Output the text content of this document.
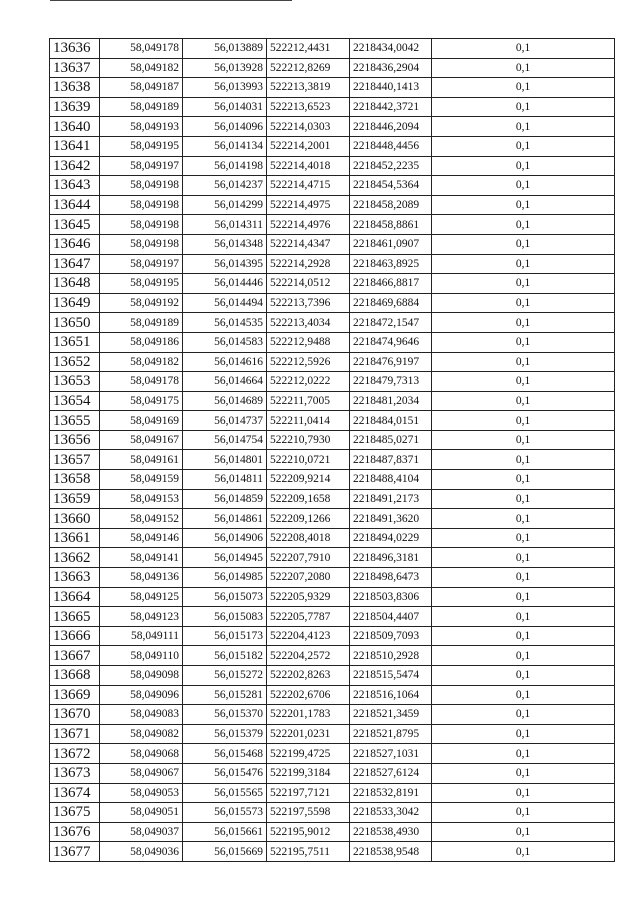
13636	58,049178	56,013889	522212,4431	2218434,0042	0,1
13637	58,049182	56,013928	522212,8269	2218436,2904	0,1
13638	58,049187	56,013993	522213,3819	2218440,1413	0,1
13639	58,049189	56,014031	522213,6523	2218442,3721	0,1
13640	58,049193	56,014096	522214,0303	2218446,2094	0,1
13641	58,049195	56,014134	522214,2001	2218448,4456	0,1
13642	58,049197	56,014198	522214,4018	2218452,2235	0,1
13643	58,049198	56,014237	522214,4715	2218454,5364	0,1
13644	58,049198	56,014299	522214,4975	2218458,2089	0,1
13645	58,049198	56,014311	522214,4976	2218458,8861	0,1
13646	58,049198	56,014348	522214,4347	2218461,0907	0,1
13647	58,049197	56,014395	522214,2928	2218463,8925	0,1
13648	58,049195	56,014446	522214,0512	2218466,8817	0,1
13649	58,049192	56,014494	522213,7396	2218469,6884	0,1
13650	58,049189	56,014535	522213,4034	2218472,1547	0,1
13651	58,049186	56,014583	522212,9488	2218474,9646	0,1
13652	58,049182	56,014616	522212,5926	2218476,9197	0,1
13653	58,049178	56,014664	522212,0222	2218479,7313	0,1
13654	58,049175	56,014689	522211,7005	2218481,2034	0,1
13655	58,049169	56,014737	522211,0414	2218484,0151	0,1
13656	58,049167	56,014754	522210,7930	2218485,0271	0,1
13657	58,049161	56,014801	522210,0721	2218487,8371	0,1
13658	58,049159	56,014811	522209,9214	2218488,4104	0,1
13659	58,049153	56,014859	522209,1658	2218491,2173	0,1
13660	58,049152	56,014861	522209,1266	2218491,3620	0,1
13661	58,049146	56,014906	522208,4018	2218494,0229	0,1
13662	58,049141	56,014945	522207,7910	2218496,3181	0,1
13663	58,049136	56,014985	522207,2080	2218498,6473	0,1
13664	58,049125	56,015073	522205,9329	2218503,8306	0,1
13665	58,049123	56,015083	522205,7787	2218504,4407	0,1
13666	58,049111	56,015173	522204,4123	2218509,7093	0,1
13667	58,049110	56,015182	522204,2572	2218510,2928	0,1
13668	58,049098	56,015272	522202,8263	2218515,5474	0,1
13669	58,049096	56,015281	522202,6706	2218516,1064	0,1
13670	58,049083	56,015370	522201,1783	2218521,3459	0,1
13671	58,049082	56,015379	522201,0231	2218521,8795	0,1
13672	58,049068	56,015468	522199,4725	2218527,1031	0,1
13673	58,049067	56,015476	522199,3184	2218527,6124	0,1
13674	58,049053	56,015565	522197,7121	2218532,8191	0,1
13675	58,049051	56,015573	522197,5598	2218533,3042	0,1
13676	58,049037	56,015661	522195,9012	2218538,4930	0,1
13677	58,049036	56,015669	522195,7511	2218538,9548	0,1
